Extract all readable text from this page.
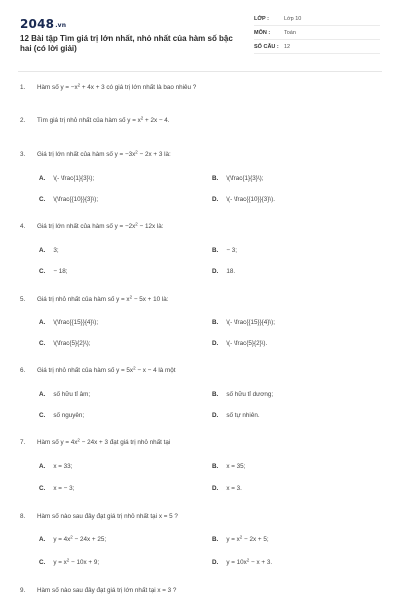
2048.vn
12 Bài tập Tìm giá trị lớn nhất, nhỏ nhất của hàm số bậc hai (có lời giải)
LỚP :	Lớp 10
MÔN :	Toán
SỐ CÂU : 12
1. Hàm số $y = -x^2 + 4x + 3$ có giá trị lớn nhất là bao nhiêu ?
2. Tìm giá trị nhỏ nhất của hàm số $y = x^2 + 2x - 4$.
3. Giá trị lớn nhất của hàm số $y = -3x^2 - 2x + 3$ là:
A. \(- \frac{1}{3}\);	B. \(\frac{1}{3}\);
C. \(\frac{{10}}{3}\);	D. \(- \frac{{10}}{3}\).
4. Giá trị lớn nhất của hàm số $y = -2x^2 - 12x$ là:
A. 3;	B. − 3;
C. − 18;	D. 18.
5. Giá trị nhỏ nhất của hàm số $y = x^2 - 5x + 10$ là:
A. \(\frac{{15}}{4}\);	B. \(- \frac{{15}}{4}\);
C. \(\frac{5}{2}\);	D. \(- \frac{5}{2}\).
6. Giá trị nhỏ nhất của hàm số $y = 5x^2 - x - 4$ là một
A. số hữu tỉ âm;	B. số hữu tỉ dương;
C. số nguyên;	D. số tự nhiên.
7. Hàm số $y = 4x^2 - 24x + 3$ đạt giá trị nhỏ nhất tại
A. x = 33;	B. x = 35;
C. x = − 3;	D. x = 3.
8. Hàm số nào sau đây đạt giá trị nhỏ nhất tại x = 5 ?
A. $y = 4x^2 - 24x + 25$;	B. $y = x^2 - 2x + 5$;
C. $y = x^2 - 10x + 9$;	D. $y = 10x^2 - x + 3$.
9. Hàm số nào sau đây đạt giá trị lớn nhất tại x = 3 ?
